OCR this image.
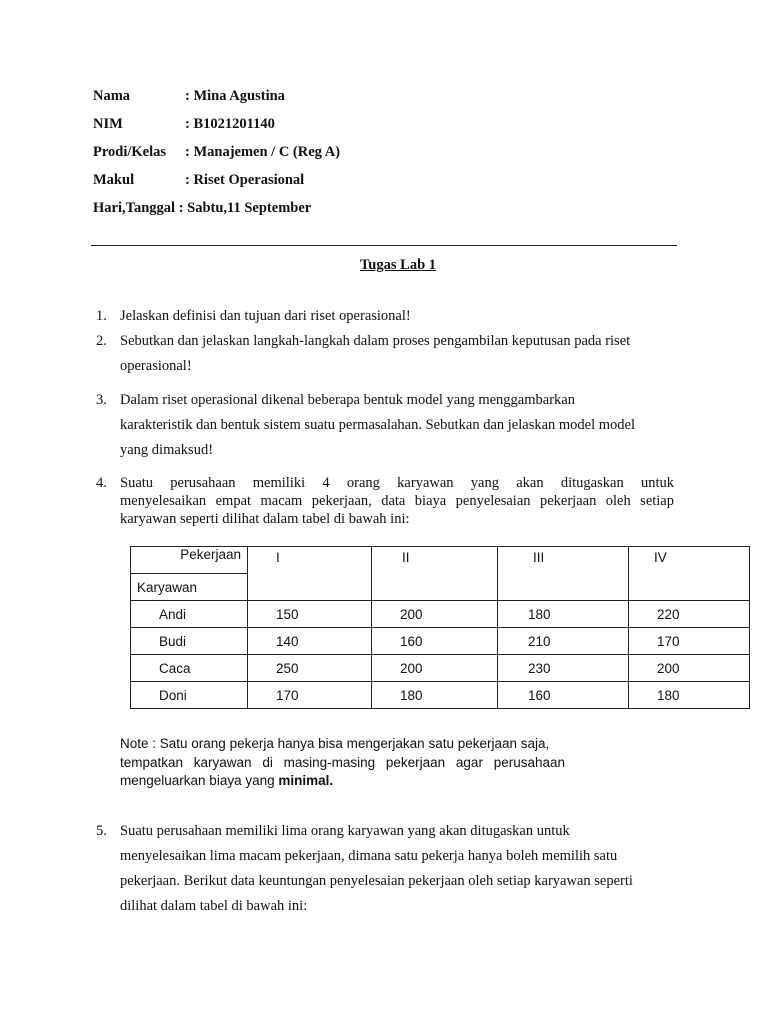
Nama	: Mina Agustina
NIM	: B1021201140
Prodi/Kelas : Manajemen / C (Reg A)
Makul	: Riset Operasional
Hari,Tanggal : Sabtu,11 September
Tugas Lab 1
1. Jelaskan definisi dan tujuan dari riset operasional!
2. Sebutkan dan jelaskan langkah-langkah dalam proses pengambilan keputusan pada riset
operasional!
3. Dalam riset operasional dikenal beberapa bentuk model yang menggambarkan
karakteristik dan bentuk sistem suatu permasalahan. Sebutkan dan jelaskan model model
yang dimaksud!
4. Suatu perusahaan memiliki 4 orang karyawan yang akan ditugaskan untuk
menyelesaikan empat macam pekerjaan, data biaya penyelesaian pekerjaan oleh setiap
karyawan seperti dilihat dalam tabel di bawah ini:
Pekerjaan	I	II	III	IV
Karyawan				
Andi	150	200	180	220
Budi	140	160	210	170
Caca	250	200	230	200
Doni	170	180	160	180
Note : Satu orang pekerja hanya bisa mengerjakan satu pekerjaan saja,
tempatkan karyawan di masing-masing pekerjaan agar perusahaan
mengeluarkan biaya yang minimal.
5. Suatu perusahaan memiliki lima orang karyawan yang akan ditugaskan untuk
menyelesaikan lima macam pekerjaan, dimana satu pekerja hanya boleh memilih satu
pekerjaan. Berikut data keuntungan penyelesaian pekerjaan oleh setiap karyawan seperti
dilihat dalam tabel di bawah ini:
